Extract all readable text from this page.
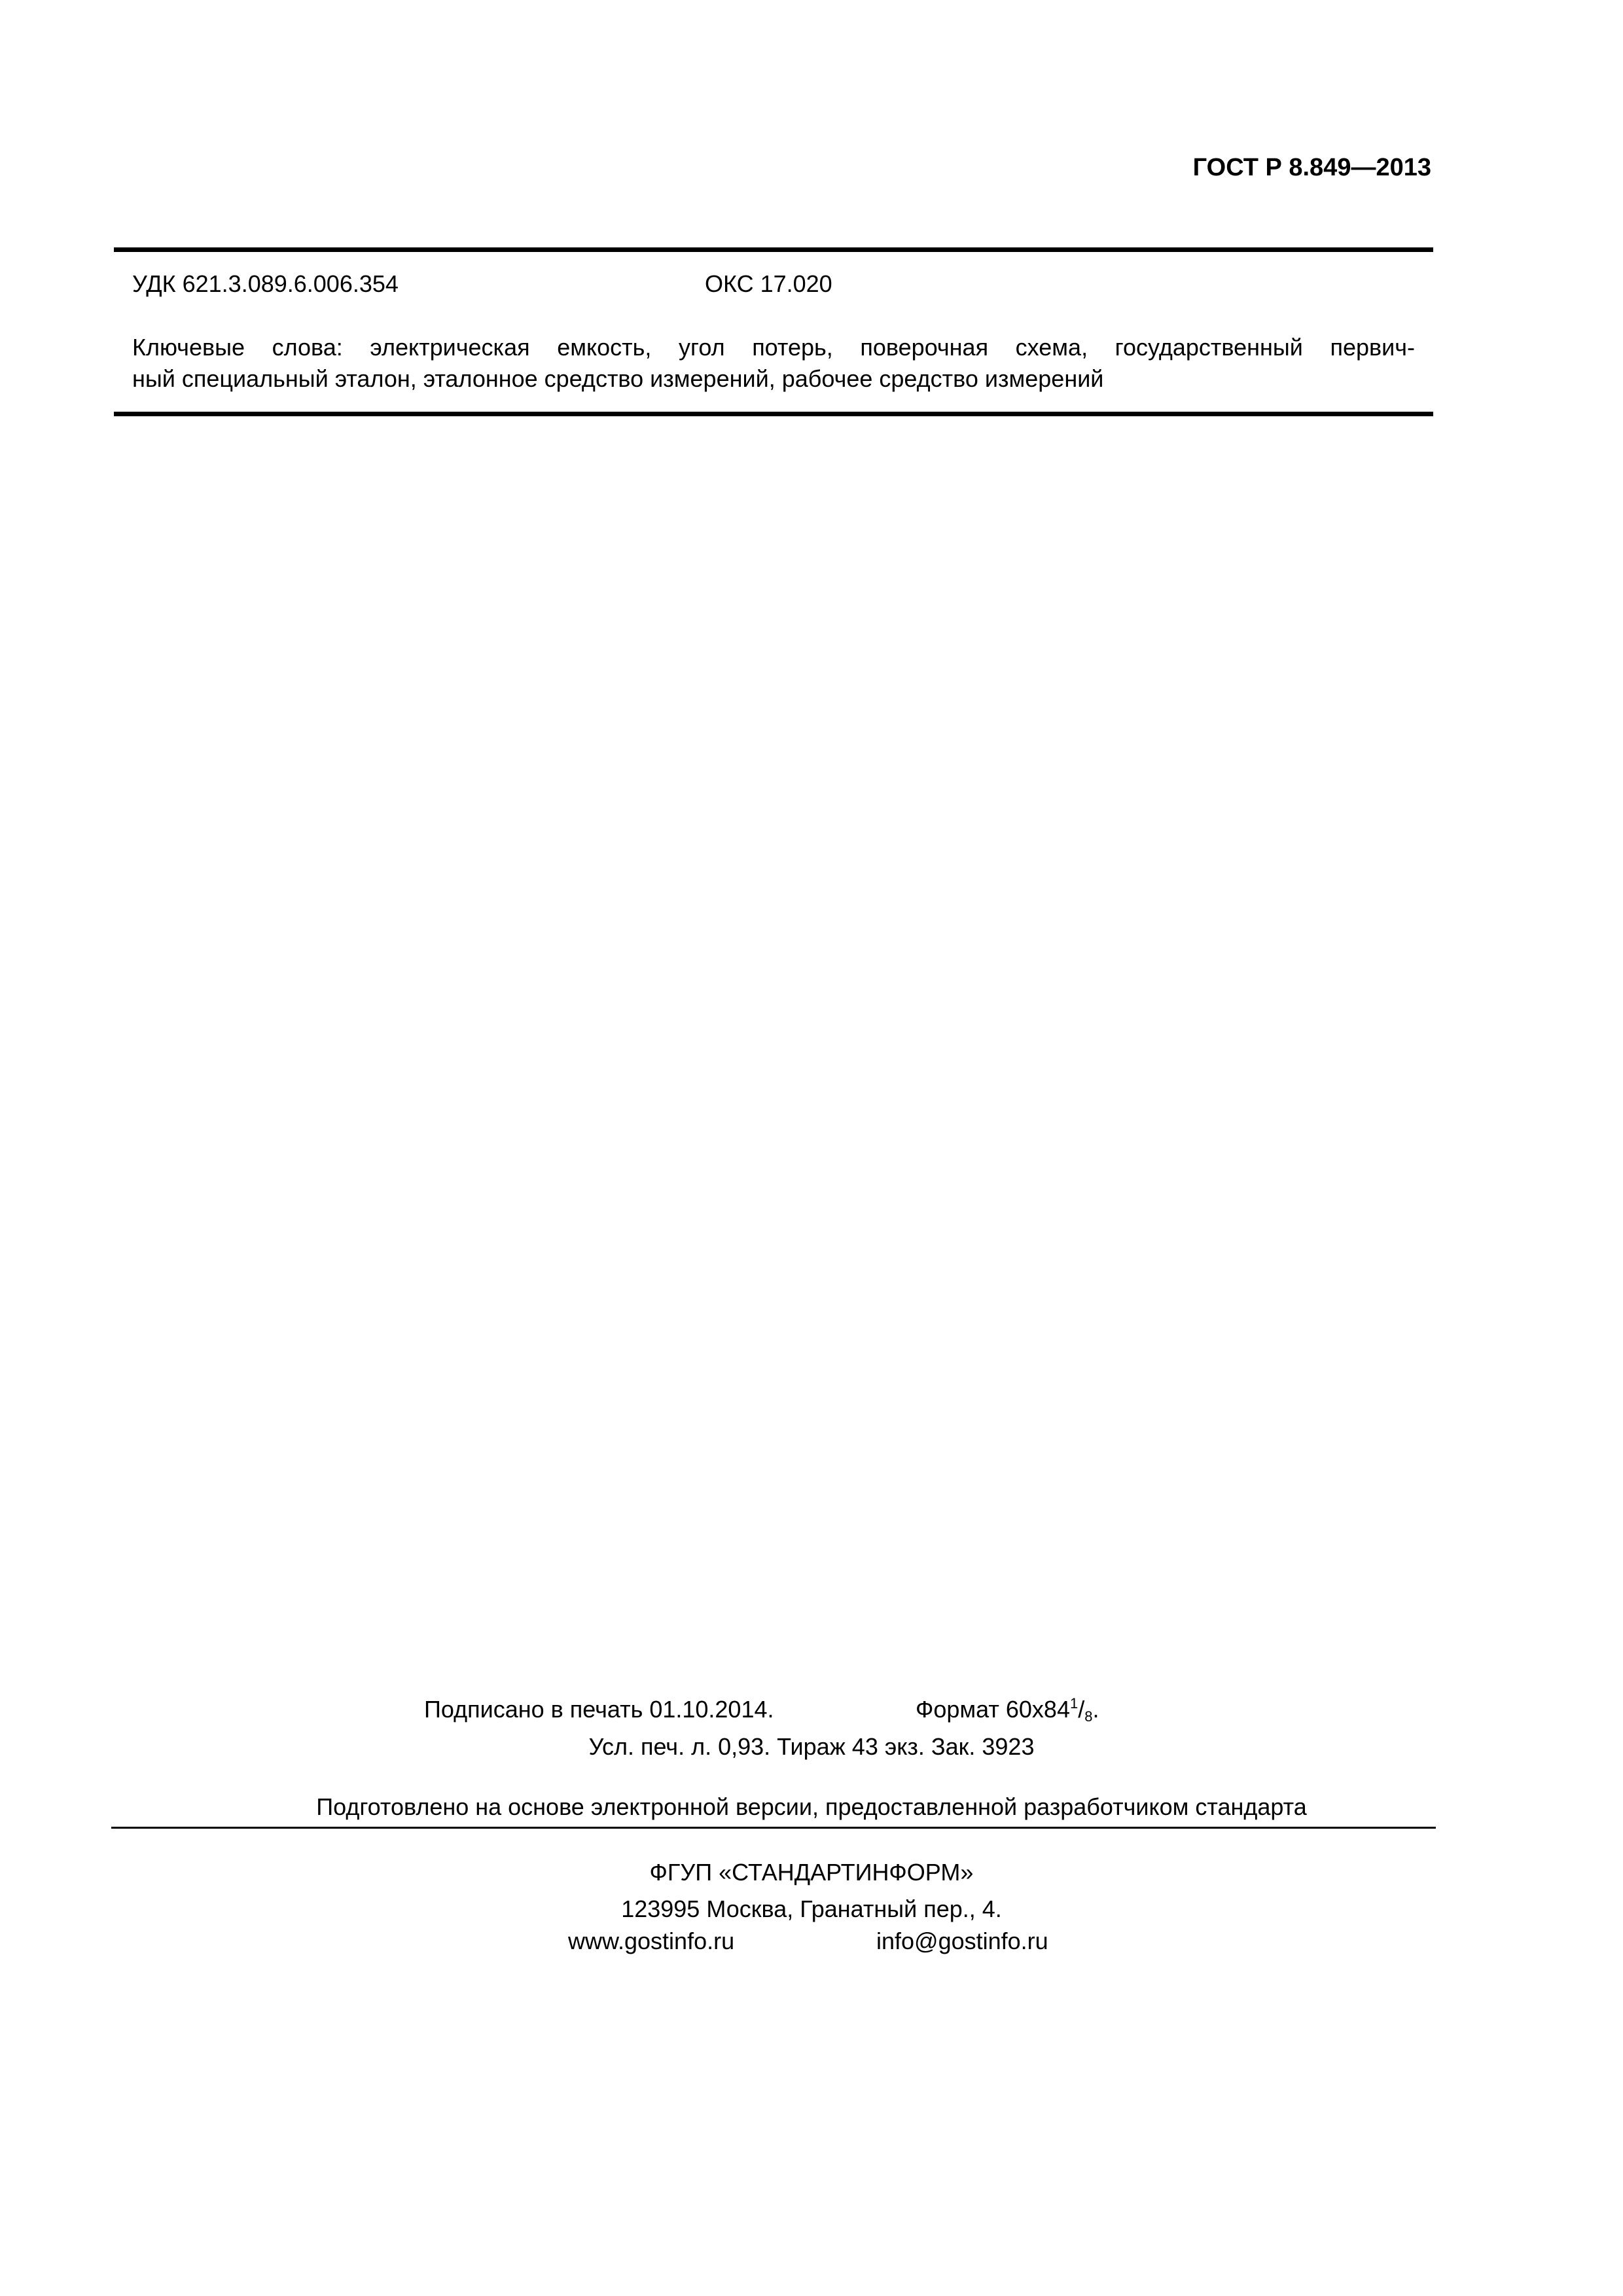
ГОСТ Р 8.849—2013
УДК 621.3.089.6.006.354	ОКС 17.020
Ключевые слова: электрическая емкость, угол потерь, поверочная схема, государственный первич-
ный специальный эталон, эталонное средство измерений, рабочее средство измерений
Подписано в печать 01.10.2014.	Формат $60x84^1/_8$.
Усл. печ. л. 0,93. Тираж 43 экз. Зак. 3923
Подготовлено на основе электронной версии, предоставленной разработчиком стандарта
ФГУП «СТАНДАРТИНФОРМ»
123995 Москва, Гранатный пер., 4.
www.gostinfo.ru	info@gostinfo.ru
